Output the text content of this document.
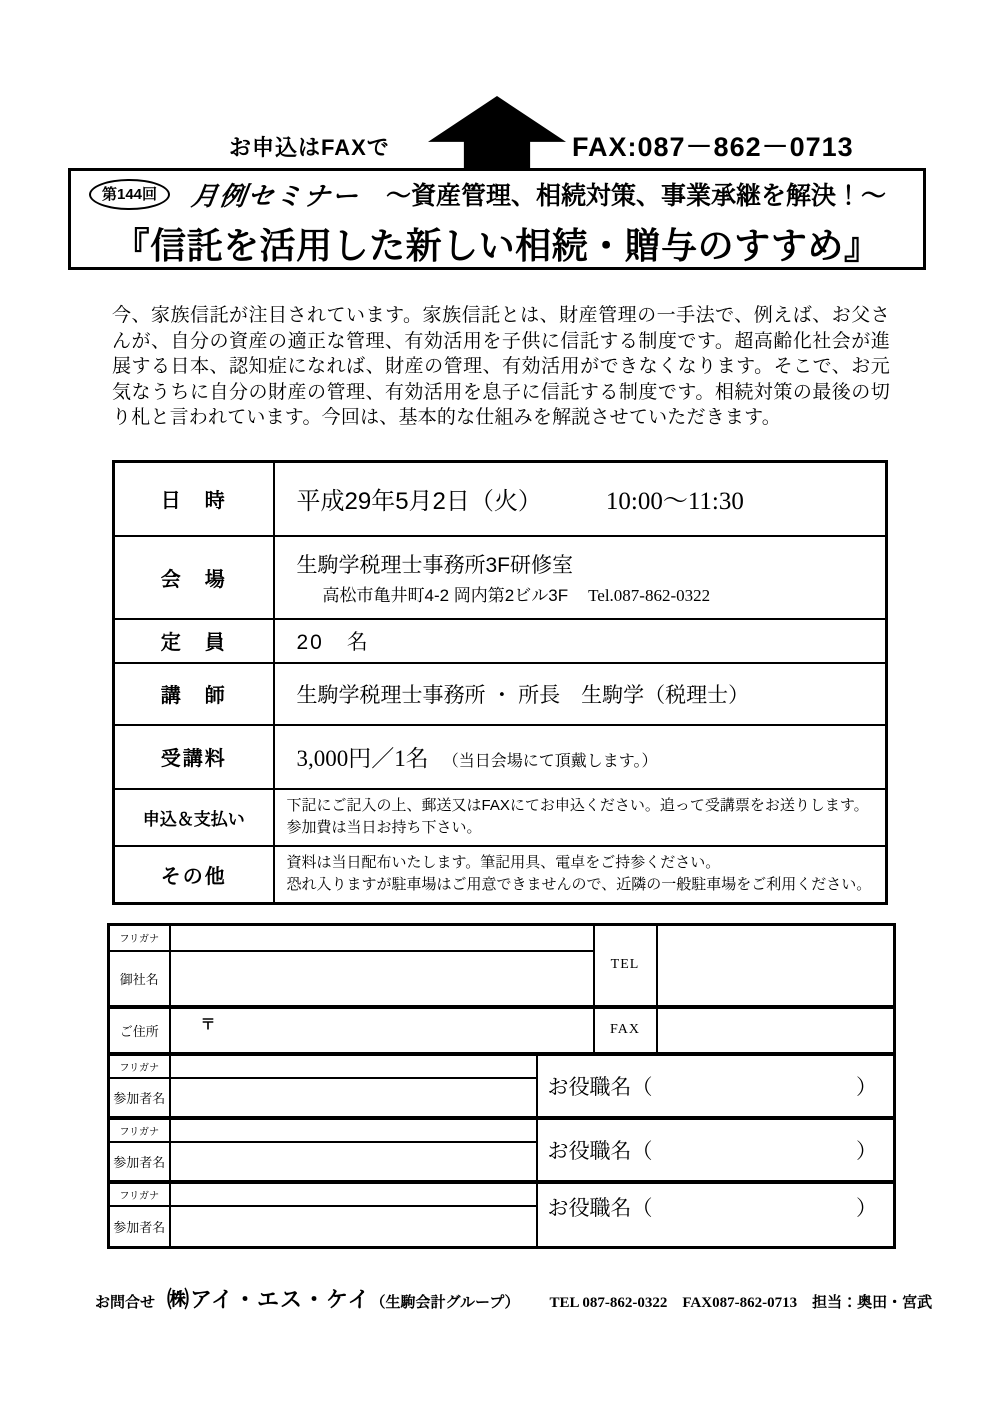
お申込はFAXで	FAX:087－862－0713
第144回	月例セミナー ～資産管理、相続対策、事業承継を解決！～
『信託を活用した新しい相続・贈与のすすめ』

今、家族信託が注目されています。家族信託とは、財産管理の一手法で、例えば、お父さんが、自分の資産の適正な管理、有効活用を子供に信託する制度です。超高齢化社会が進展する日本、認知症になれば、財産の管理、有効活用ができなくなります。そこで、お元気なうちに自分の財産の管理、有効活用を息子に信託する制度です。相続対策の最後の切り札と言われています。今回は、基本的な仕組みを解説させていただきます。

日　時	平成29年5月2日（火） 10:00～11:30
会　場	生駒学税理士事務所3F研修室
高松市亀井町4-2 岡内第2ビル3F Tel.087-862-0322

定　員	20　名
講　師	生駒学税理士事務所 ・ 所長　生駒学（税理士）
受講料	3,000円／1名 （当日会場にて頂戴します。）
申込＆支払い	下記にご記入の上、郵送又はFAXにてお申込ください。追って受講票をお送りします。
参加費は当日お持ち下さい。

その他	資料は当日配布いたします。筆記用具、電卓をご持参ください。
恐れ入りますが駐車場はご用意できませんので、近隣の一般駐車場をご利用ください。
フリガナ			TEL	
御社名				
ご住所	〒		FAX	
フリガナ		お役職名（ ）		

参加者名				
フリガナ		お役職名（ ）		

参加者名				
フリガナ		お役職名（ ）		

参加者名				
お問合せ ㈱アイ・エス・ケイ （生駒会計グループ） TEL 087-862-0322　FAX087-862-0713　担当：奥田・宮武
